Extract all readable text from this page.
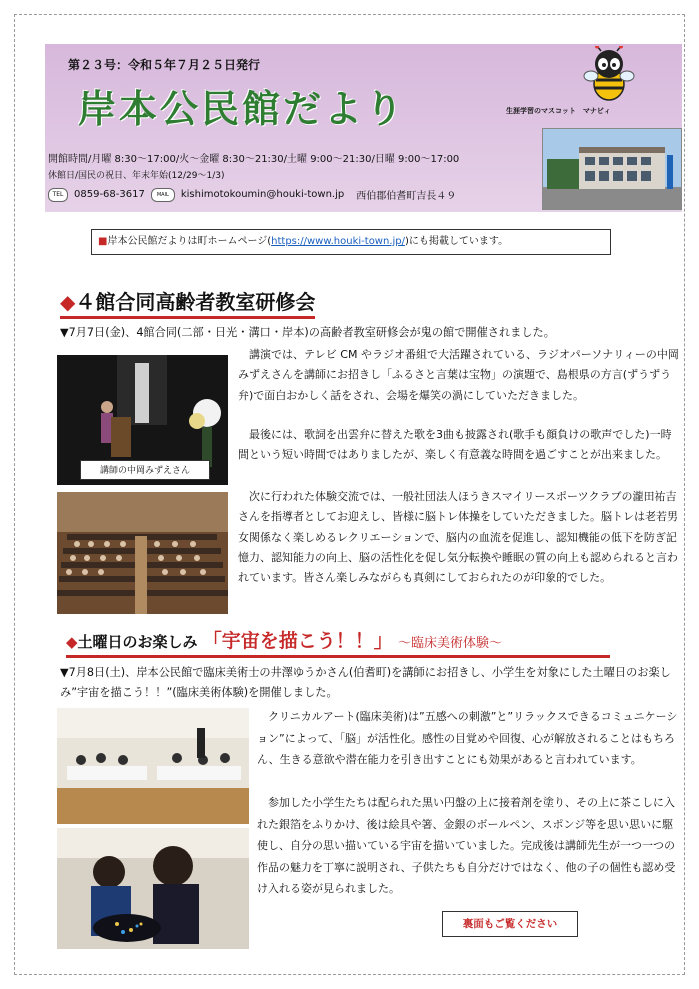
第２３号：令和５年７月２５日発行
岸本公民館だより	生涯学習のマスコット　マナビィ
開館時間/月曜 8:30～17:00/火～金曜 8:30～21:30/土曜 9:00～21:30/日曜 9:00～17:00
休館日/国民の祝日、年末年始(12/29～1/3)
TEL	0859-68-3617	MAIL	kishimotokoumin@houki-town.jp 西伯郡伯耆町吉長４９
■岸本公民館だよりは町ホームページ(https://www.houki-town.jp/)にも掲載しています。
◆４館合同高齢者教室研修会
▼7月7日(金)、4館合同(二部・日光・溝口・岸本)の高齢者教室研修会が鬼の館で開催されました。
講師の中岡みずえさん

講演では、テレビ CM やラジオ番組で大活躍されている、ラジオパーソナリィーの中岡みずえさんを講師にお招きし「ふるさと言葉は宝物」の演題で、島根県の方言(ずうずう弁)で面白おかしく話をされ、会場を爆笑の渦にしていただきました。

最後には、歌詞を出雲弁に替えた歌を3曲も披露され(歌手も顔負けの歌声でした)一時間という短い時間ではありましたが、楽しく有意義な時間を過ごすことが出来ました。

次に行われた体験交流では、一般社団法人ほうきスマイリースポーツクラブの瀧田祐吉さんを指導者としてお迎えし、皆様に脳トレ体操をしていただきました。脳トレは老若男女関係なく楽しめるレクリエーションで、脳内の血流を促進し、認知機能の低下を防ぎ記憶力、認知能力の向上、脳の活性化を促し気分転換や睡眠の質の向上も認められると言われています。皆さん楽しみながらも真剣にしておられたのが印象的でした。

◆土曜日のお楽しみ 「宇宙を描こう！！」 ～臨床美術体験～

▼7月8日(土)、岸本公民館で臨床美術士の井澤ゆうかさん(伯耆町)を講師にお招きし、小学生を対象にした土曜日のお楽しみ”宇宙を描こう！！”(臨床美術体験)を開催しました。

クリニカルアート(臨床美術)は”五感への刺激”と”リラックスできるコミュニケーション”によって、「脳」が活性化。感性の目覚めや回復、心が解放されることはもちろん、生きる意欲や潜在能力を引き出すことにも効果があると言われています。

参加した小学生たちは配られた黒い円盤の上に接着剤を塗り、その上に茶こしに入れた銀箔をふりかけ、後は絵具や箸、金銀のボールペン、スポンジ等を思い思いに駆使し、自分の思い描いている宇宙を描いていました。完成後は講師先生が一つ一つの作品の魅力を丁寧に説明され、子供たちも自分だけではなく、他の子の個性も認め受け入れる姿が見られました。

裏面もご覧ください
